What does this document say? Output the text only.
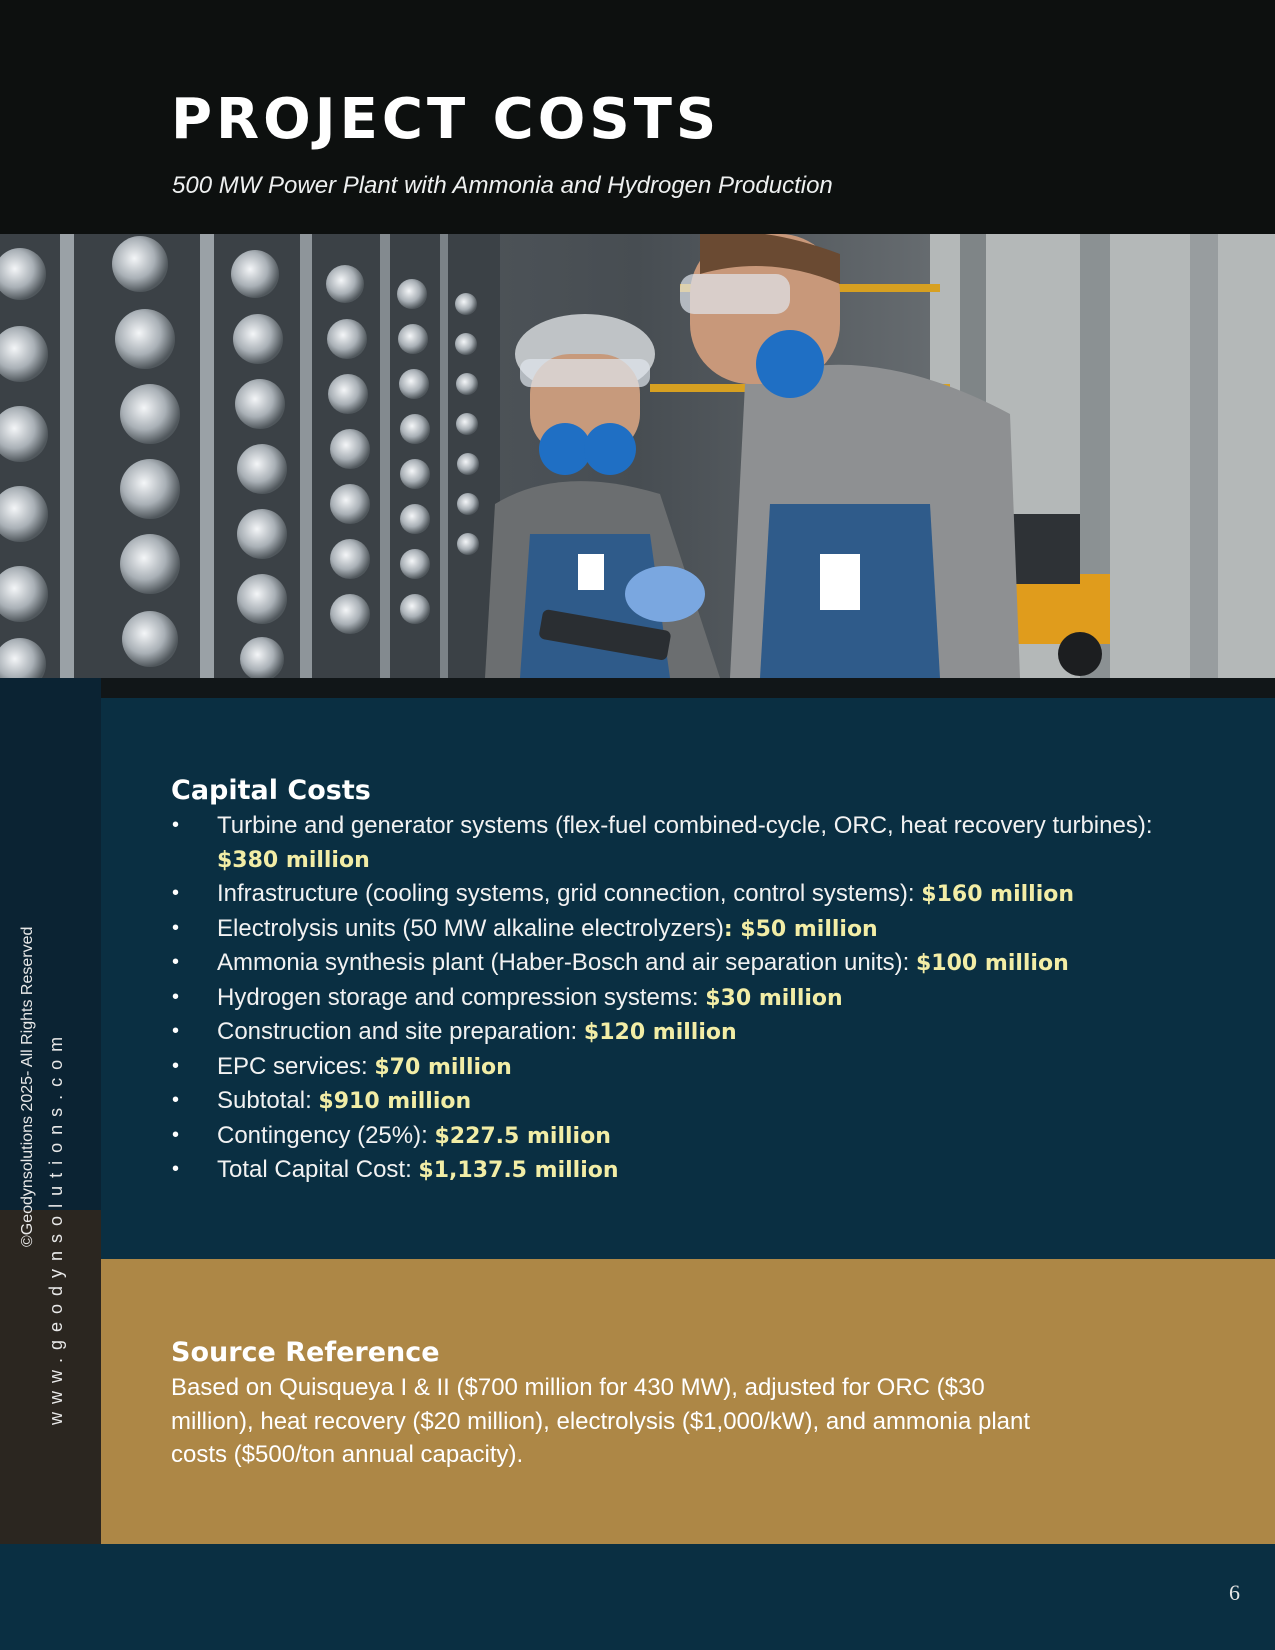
PROJECT COSTS

500 MW Power Plant with Ammonia and Hydrogen Production

Capital Costs
• Turbine and generator systems (flex-fuel combined-cycle, ORC, heat recovery turbines):
$380 million
• Infrastructure (cooling systems, grid connection, control systems): $160 million
• Electrolysis units (50 MW alkaline electrolyzers): $50 million
• Ammonia synthesis plant (Haber-Bosch and air separation units): $100 million
• Hydrogen storage and compression systems: $30 million
• Construction and site preparation: $120 million
• EPC services: $70 million
• Subtotal: $910 million
• Contingency (25%): $227.5 million
• Total Capital Cost: $1,137.5 million
Source Reference

Based on Quisqueya I & II ($700 million for 430 MW), adjusted for ORC ($30 million), heat recovery ($20 million), electrolysis ($1,000/kW), and ammonia plant costs ($500/ton annual capacity).

www.geodynsolutions.com
©Geodynsolutions 2025- All Rights Reserved
6
